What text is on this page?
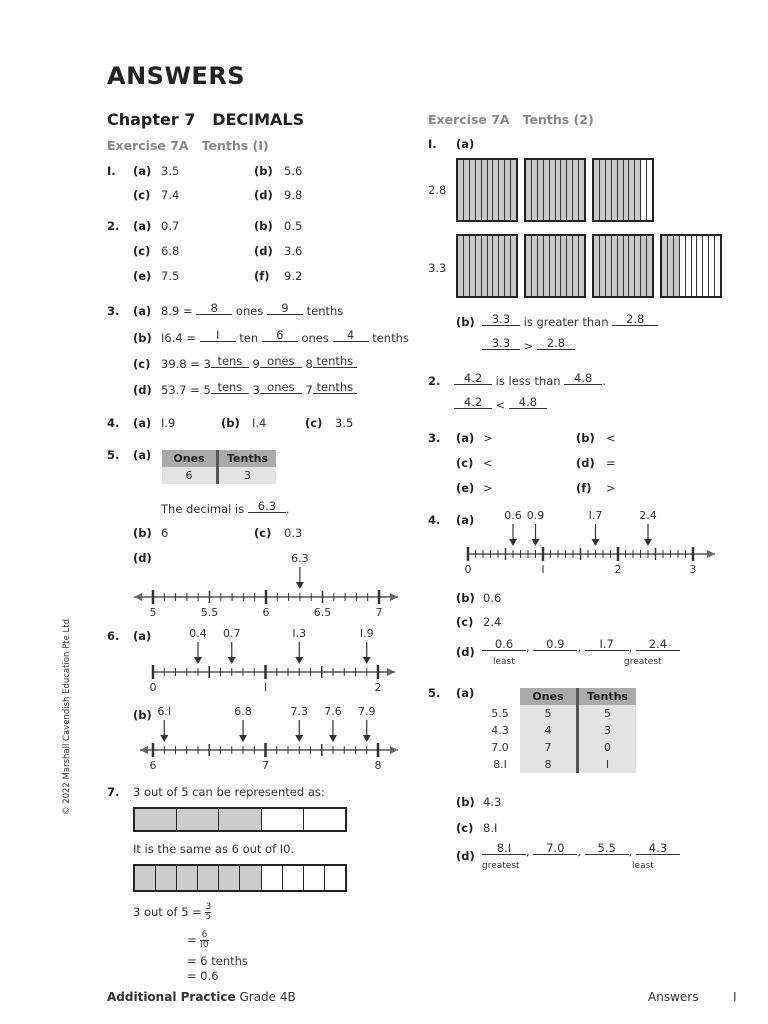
ANSWERS
Chapter 7 DECIMALS
Exercise 7A   Tenths (I)
I. (a) 3.5	(b) 5.6
(c) 7.4	(d) 9.8
2. (a) 0.7	(b) 0.5
(c) 6.8	(d) 3.6
(e) 7.5	(f) 9.2
3. (a) 8.9 = 8 ones 9 tenths
(b) I6.4 = I ten 6 ones 4 tenths
(c) 39.8 = 3 tens 9 ones 8 tenths
(d) 53.7 = 5 tens 3 ones 7 tenths
4. (a) I.9	(b) I.4	(c) 3.5
5. (a) Ones	Tenths
6	3
The decimal is 6.3 .
(b) 6	(c) 0.3
(d)
5	5.5	6	6.5	7
6.3
6. (a)
0	I	2
0.4 0.7	I.3	I.9
(b)
6	7	8
6.I	6.8	7.3 7.6 7.9
7. 3 out of 5 can be represented as:
It is the same as 6 out of I0.
3 out of $5 = \frac{3}{5}$
= $\frac{6}{I0}$
= 6 tenths
= 0.6
Exercise 7A   Tenths (2)
I. (a)
2.8
3.3
(b)	3.3 is greater than 2.8
3.3 > 2.8
2.	4.2 is less than 4.8 .
4.2 < 4.8
3. (a) >	(b) <
(c) <	(d) =
(e) >	(f) >
4. (a)
0	I	2	3
0.6 0.9	I.7	2.4
(b) 0.6
(c) 2.4
(d)
0.6 , 0.9 , I.7 , 2.4
least	greatest
5. (a)
		Ones	Tenths
5.5	5	5
4.3	4	3
7.0	7	0
8.I	8	I
(b) 4.3
(c) 8.I
(d)
8.I , 7.0 , 5.5 , 4.3
greatest	least
© 2022 Marshall Cavendish Education Pte Ltd
Additional Practice Grade 4B	Answers	I
